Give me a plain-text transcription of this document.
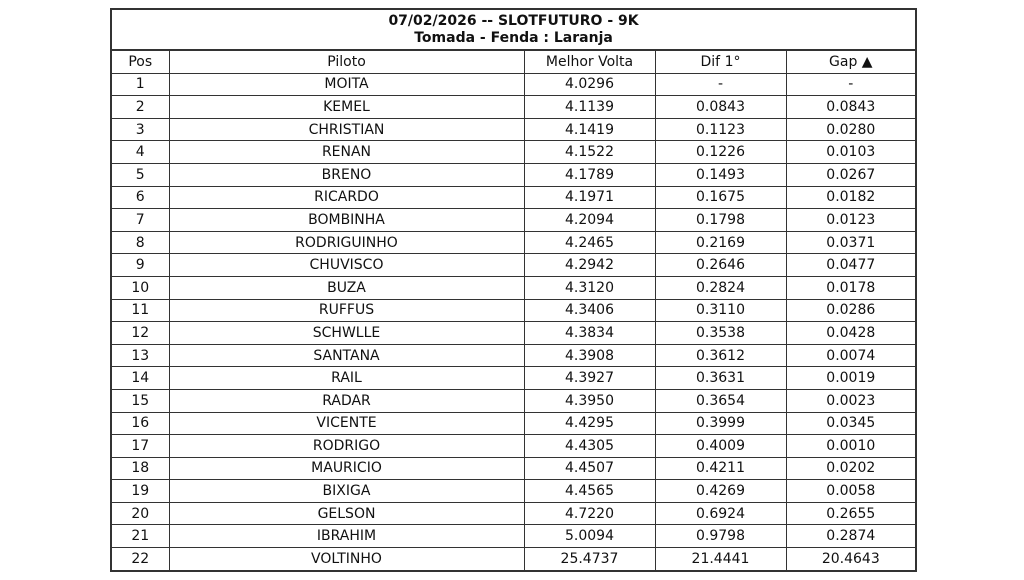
07/02/2026 -- SLOTFUTURO - 9K
Tomada - Fenda : Laranja				

Pos	Piloto	Melhor Volta	Dif 1°	Gap ▲
1	MOITA	4.0296	-	-
2	KEMEL	4.1139	0.0843	0.0843
3	CHRISTIAN	4.1419	0.1123	0.0280
4	RENAN	4.1522	0.1226	0.0103
5	BRENO	4.1789	0.1493	0.0267
6	RICARDO	4.1971	0.1675	0.0182
7	BOMBINHA	4.2094	0.1798	0.0123
8	RODRIGUINHO	4.2465	0.2169	0.0371
9	CHUVISCO	4.2942	0.2646	0.0477
10	BUZA	4.3120	0.2824	0.0178
11	RUFFUS	4.3406	0.3110	0.0286
12	SCHWLLE	4.3834	0.3538	0.0428
13	SANTANA	4.3908	0.3612	0.0074
14	RAIL	4.3927	0.3631	0.0019
15	RADAR	4.3950	0.3654	0.0023
16	VICENTE	4.4295	0.3999	0.0345
17	RODRIGO	4.4305	0.4009	0.0010
18	MAURICIO	4.4507	0.4211	0.0202
19	BIXIGA	4.4565	0.4269	0.0058
20	GELSON	4.7220	0.6924	0.2655
21	IBRAHIM	5.0094	0.9798	0.2874
22	VOLTINHO	25.4737	21.4441	20.4643
